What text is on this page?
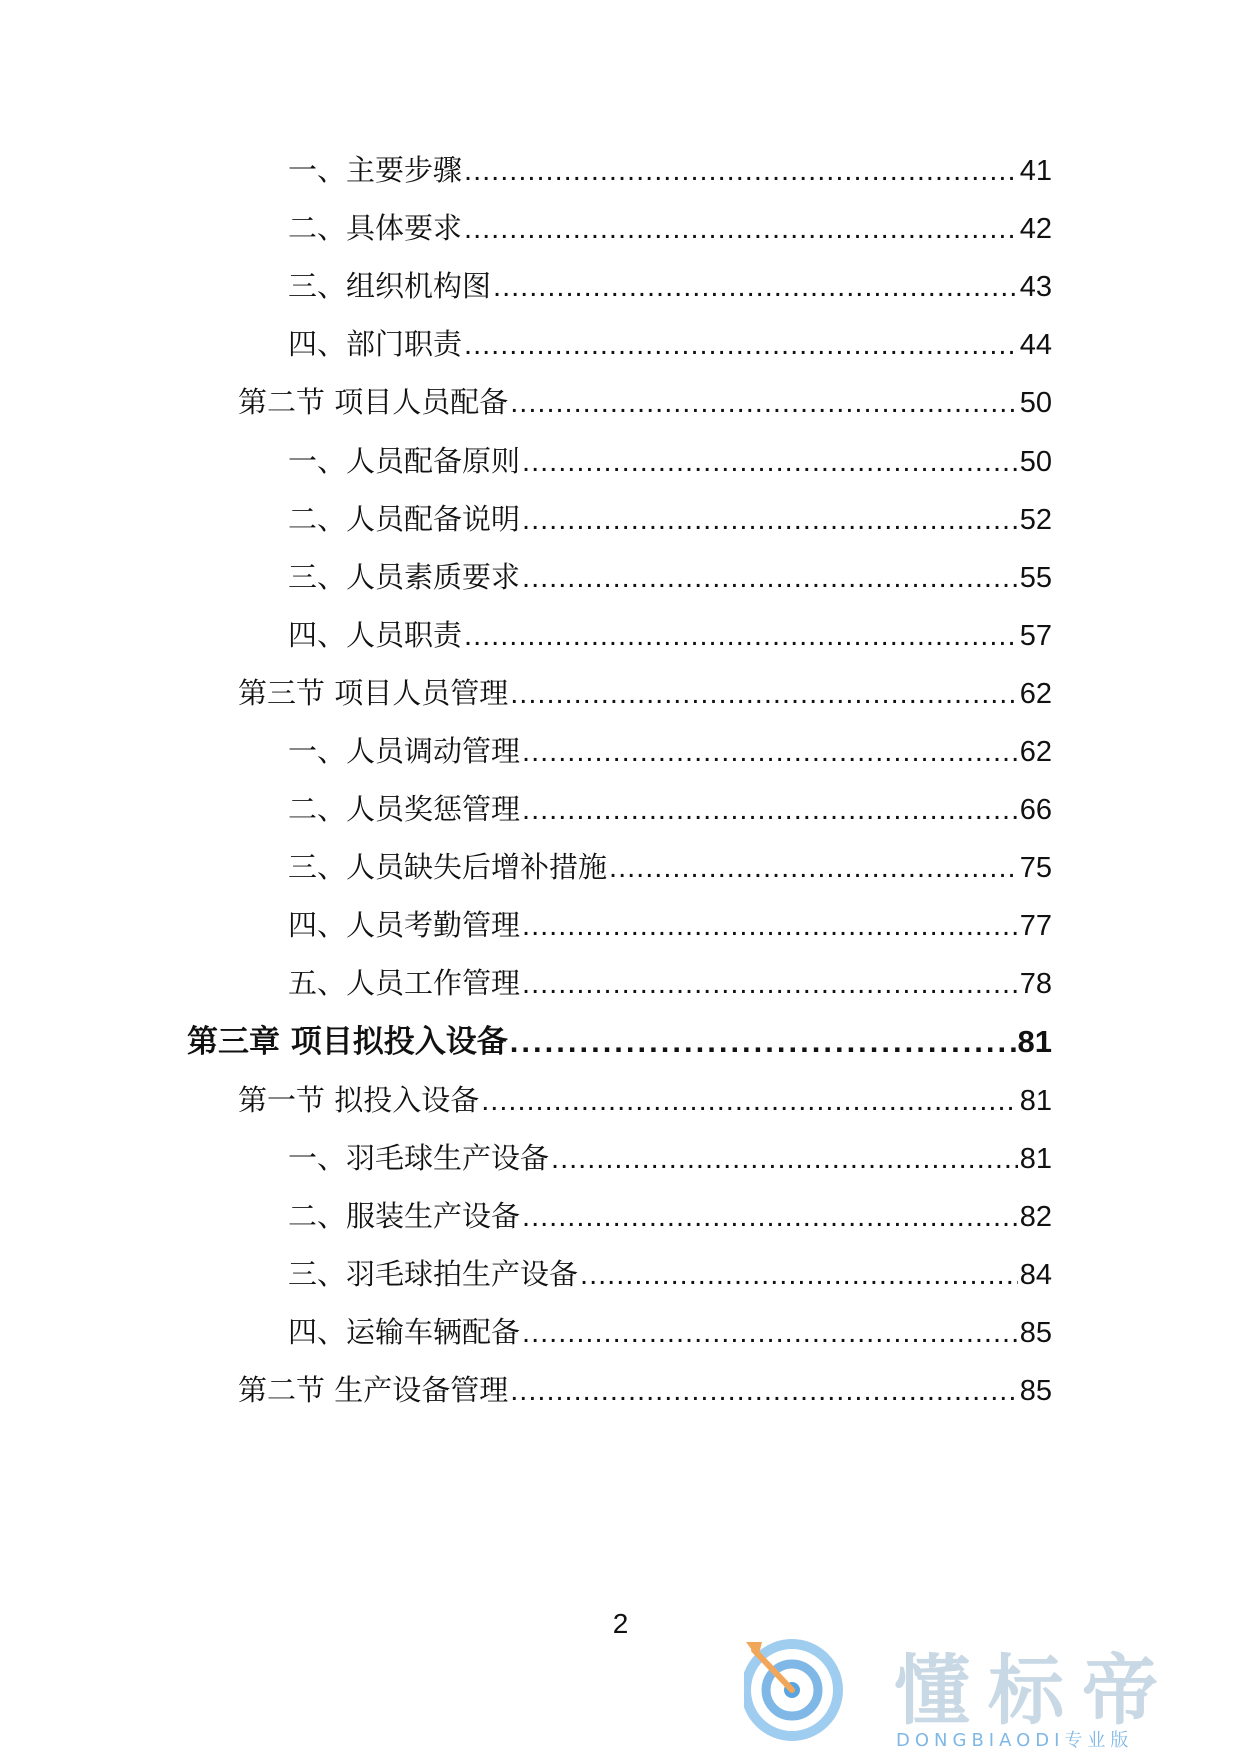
一、主要步骤 .....	41
二、具体要求 .....	42
三、组织机构图 .....	43
四、部门职责 .....	44
第二节 项目人员配备 .....	50
一、人员配备原则 .....	50
二、人员配备说明 .....	52
三、人员素质要求 .....	55
四、人员职责 .....	57
第三节 项目人员管理 .....	62
一、人员调动管理 .....	62
二、人员奖惩管理 .....	66
三、人员缺失后增补措施 .....	75
四、人员考勤管理 .....	77
五、人员工作管理 .....	78
第三章 项目拟投入设备 .....	81
第一节 拟投入设备 .....	81
一、羽毛球生产设备 .....	81
二、服装生产设备 .....	82
三、羽毛球拍生产设备 .....	84
四、运输车辆配备 .....	85
第二节 生产设备管理 .....	85
2
懂标帝
DONGBIAODI专业版
